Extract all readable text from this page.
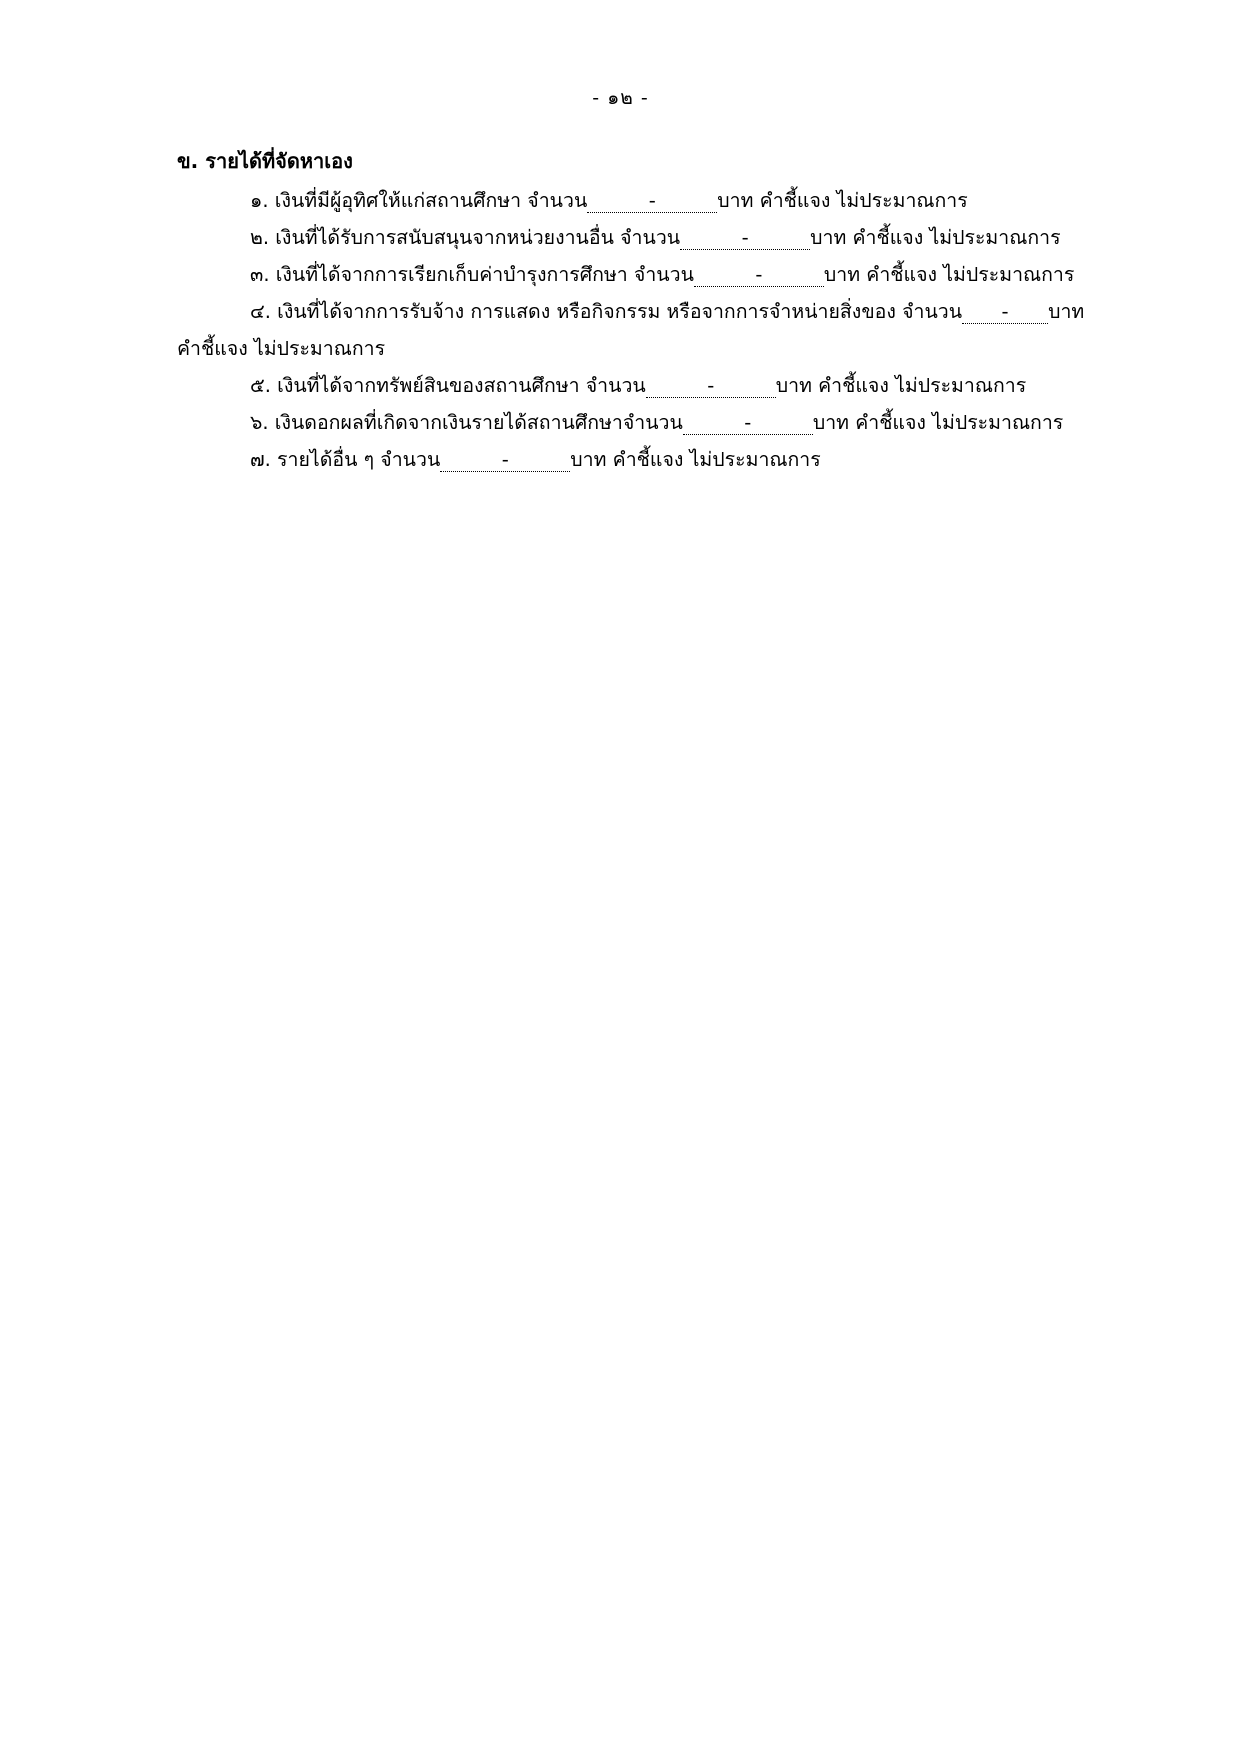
- ๑๒ -
ข. รายได้ที่จัดหาเอง
๑. เงินที่มีผู้อุทิศให้แก่สถานศึกษา จำนวน	-	บาท คำชี้แจง ไม่ประมาณการ
๒. เงินที่ได้รับการสนับสนุนจากหน่วยงานอื่น จำนวน	-	บาท คำชี้แจง ไม่ประมาณการ
๓. เงินที่ได้จากการเรียกเก็บค่าบำรุงการศึกษา จำนวน	-	บาท คำชี้แจง ไม่ประมาณการ
๔. เงินที่ได้จากการรับจ้าง การแสดง หรือกิจกรรม หรือจากการจำหน่ายสิ่งของ จำนวน - บาท
คำชี้แจง ไม่ประมาณการ
๕. เงินที่ได้จากทรัพย์สินของสถานศึกษา จำนวน	-	บาท คำชี้แจง ไม่ประมาณการ
๖. เงินดอกผลที่เกิดจากเงินรายได้สถานศึกษาจำนวน	-	บาท คำชี้แจง ไม่ประมาณการ
๗. รายได้อื่น ๆ จำนวน	-	บาท คำชี้แจง ไม่ประมาณการ
